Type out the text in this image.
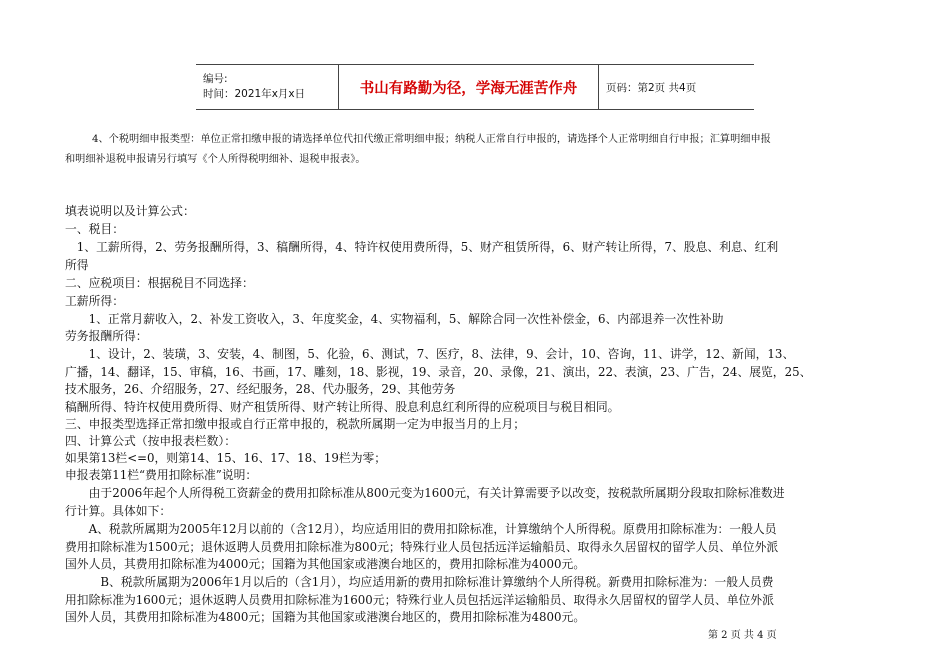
编号:
时间：2021年x月x日	书山有路勤为径，学海无涯苦作舟	页码：第2页 共4页
4、个税明细申报类型：单位正常扣缴申报的请选择单位代扣代缴正常明细申报；纳税人正常自行申报的，请选择个人正常明细自行申报；汇算明细申报
和明细补退税申报请另行填写《个人所得税明细补、退税申报表》。
填表说明以及计算公式：
一、税目：
　1、工薪所得，2、劳务报酬所得，3、稿酬所得，4、特许权使用费所得，5、财产租赁所得，6、财产转让所得，7、股息、利息、红利
所得
二、应税项目：根据税目不同选择：
工薪所得：
　　1、正常月薪收入，2、补发工资收入，3、年度奖金，4、实物福利，5、解除合同一次性补偿金，6、内部退养一次性补助
劳务报酬所得：
　　1、设计，2、装璜，3、安装，4、制图，5、化验，6、测试，7、医疗，8、法律，9、会计，10、咨询，11、讲学，12、新闻，13、
广播，14、翻译，15、审稿，16、书画，17、雕刻，18、影视，19、录音，20、录像，21、演出，22、表演，23、广告，24、展览，25、
技术服务，26、介绍服务，27、经纪服务，28、代办服务，29、其他劳务
稿酬所得、特许权使用费所得、财产租赁所得、财产转让所得、股息利息红利所得的应税项目与税目相同。
三、申报类型选择正常扣缴申报或自行正常申报的，税款所属期一定为申报当月的上月；
四、计算公式（按申报表栏数）：
如果第13栏<=0，则第14、15、16、17、18、19栏为零；
申报表第11栏“费用扣除标准”说明：
　　由于2006年起个人所得税工资薪金的费用扣除标准从800元变为1600元，有关计算需要予以改变，按税款所属期分段取扣除标准数进
行计算。具体如下：
　　A、税款所属期为2005年12月以前的（含12月），均应适用旧的费用扣除标准，计算缴纳个人所得税。原费用扣除标准为：一般人员
费用扣除标准为1500元；退休返聘人员费用扣除标准为800元；特殊行业人员包括远洋运输船员、取得永久居留权的留学人员、单位外派
国外人员，其费用扣除标准为4000元；国籍为其他国家或港澳台地区的，费用扣除标准为4000元。
　　　B、税款所属期为2006年1月以后的（含1月），均应适用新的费用扣除标准计算缴纳个人所得税。新费用扣除标准为：一般人员费
用扣除标准为1600元；退休返聘人员费用扣除标准为1600元；特殊行业人员包括远洋运输船员、取得永久居留权的留学人员、单位外派
国外人员，其费用扣除标准为4800元；国籍为其他国家或港澳台地区的，费用扣除标准为4800元。
第 2 页 共 4 页
